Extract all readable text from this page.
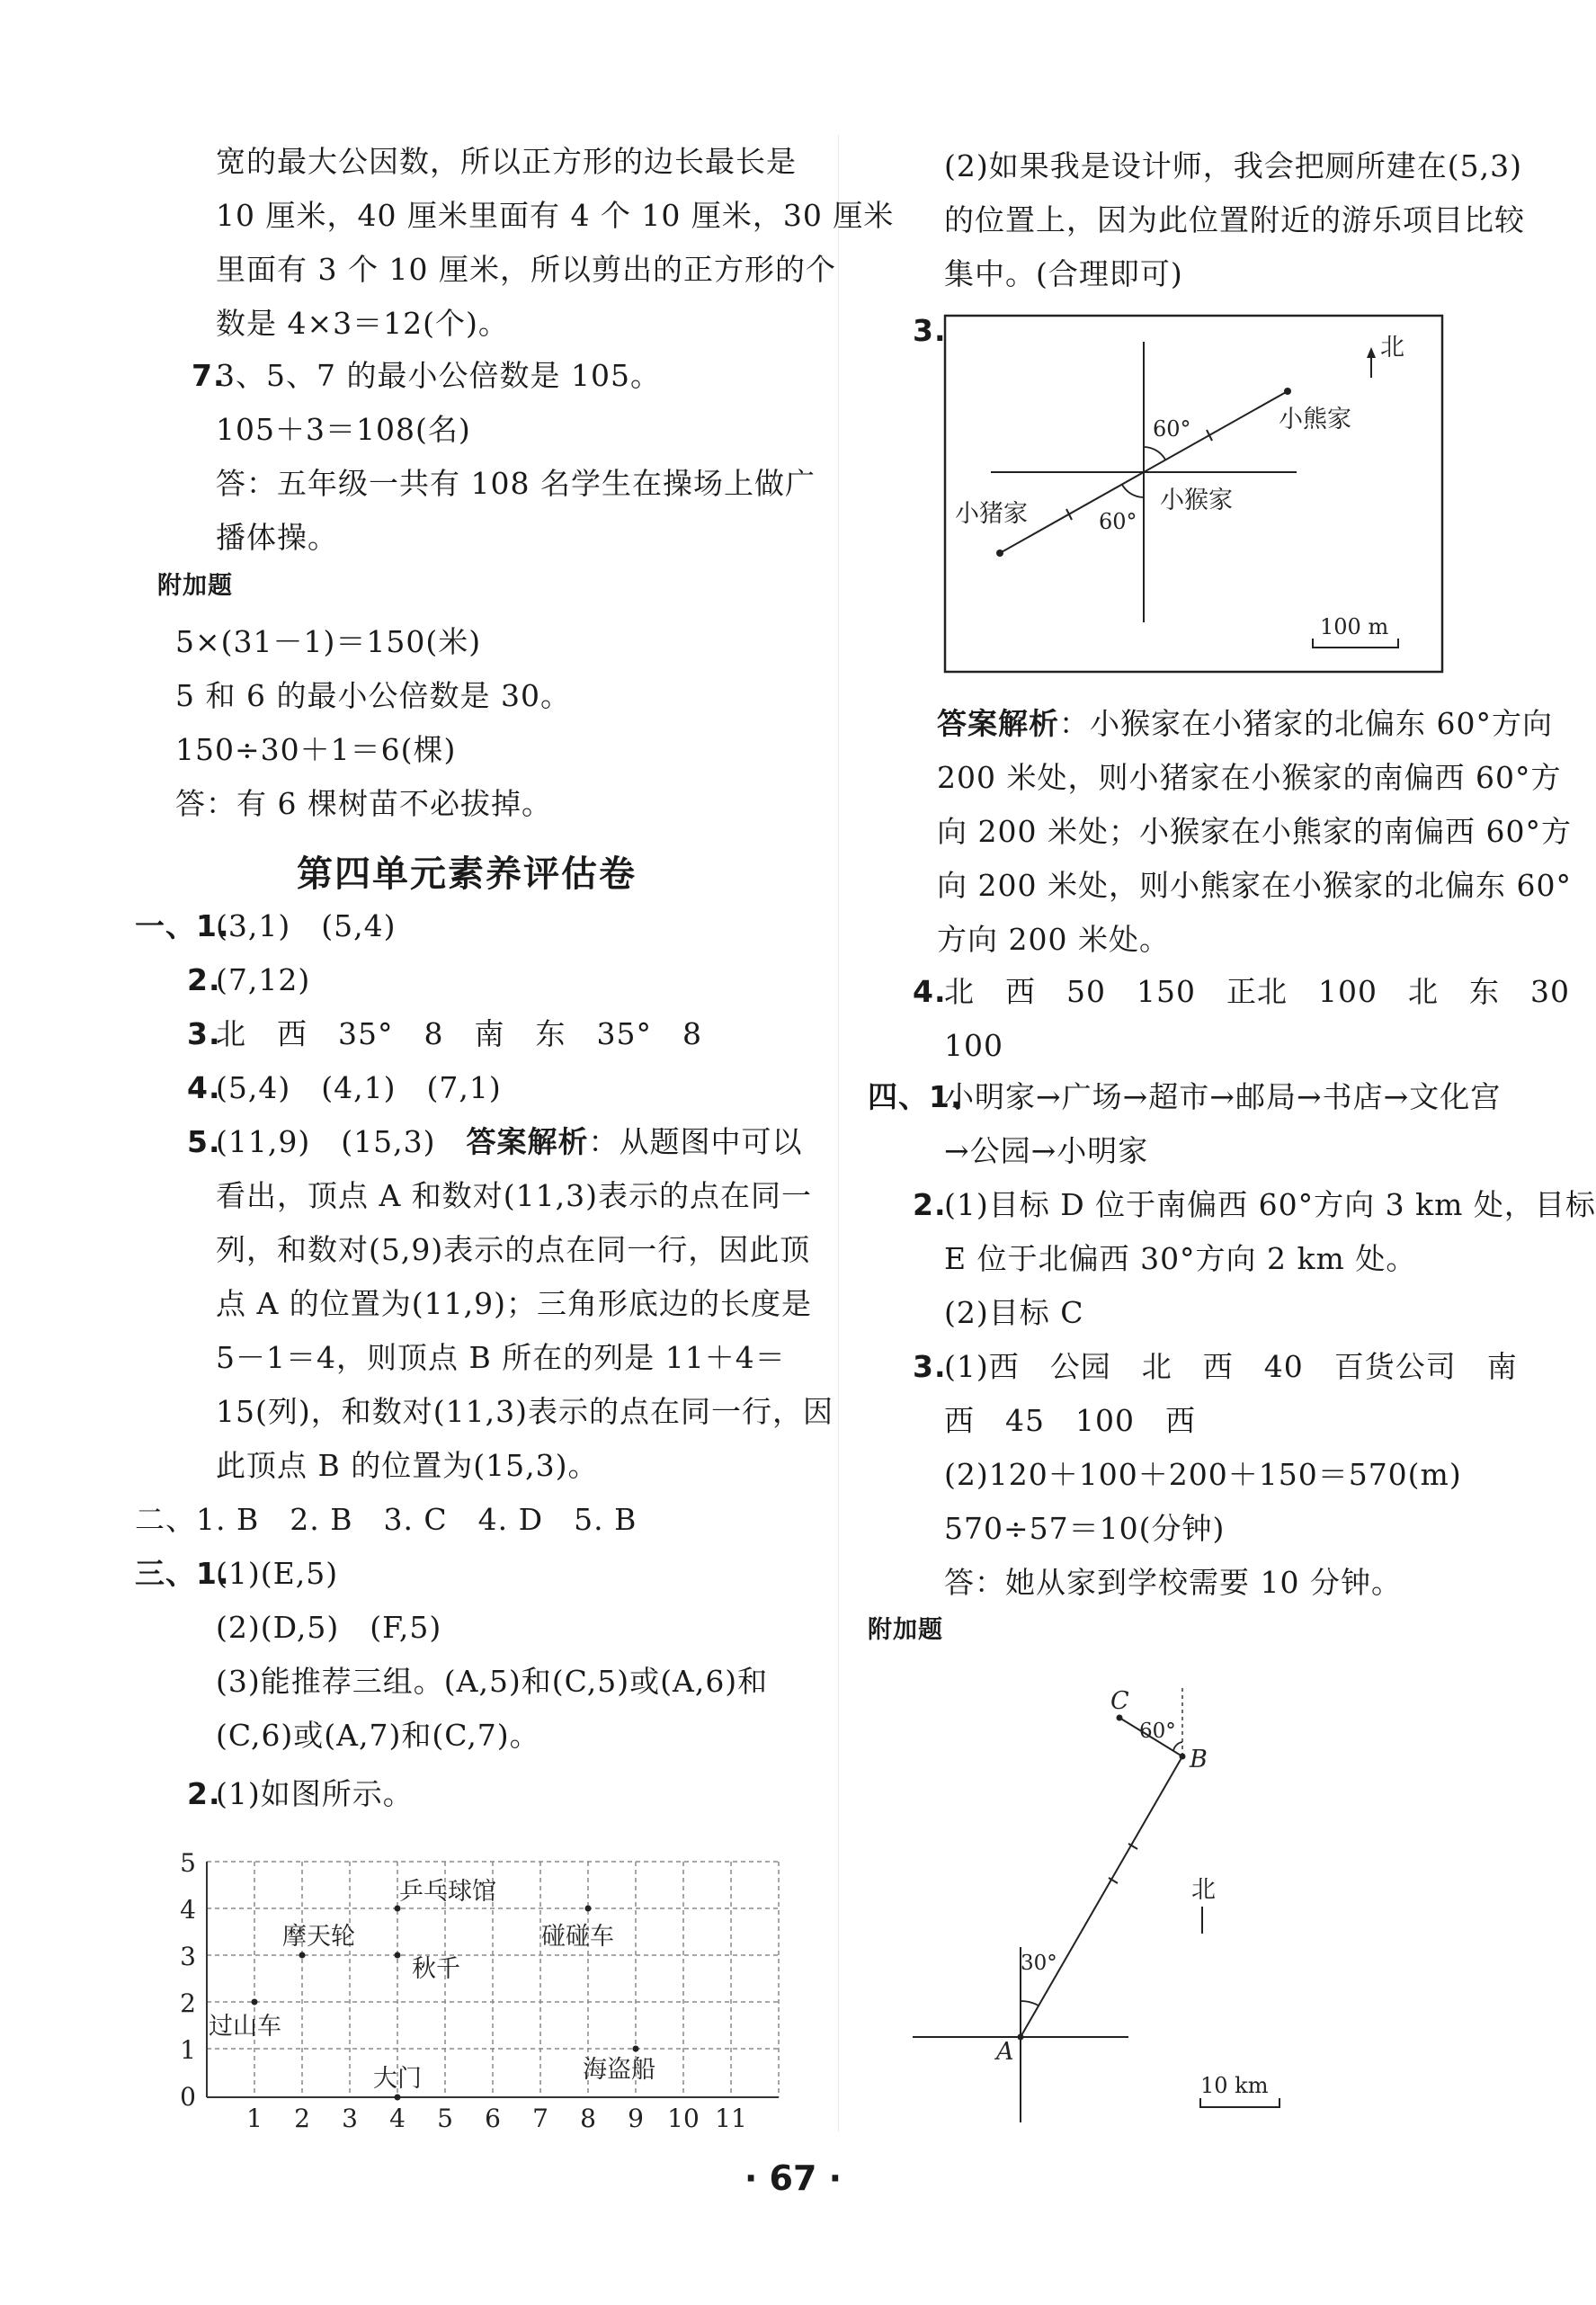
宽的最大公因数，所以正方形的边长最长是
10 厘米，40 厘米里面有 4 个 10 厘米，30 厘米
里面有 3 个 10 厘米，所以剪出的正方形的个
数是 4×3＝12(个)。
7.
3、5、7 的最小公倍数是 105。
105＋3＝108(名)
答：五年级一共有 108 名学生在操场上做广
播体操。
附加题
5×(31－1)＝150(米)
5 和 6 的最小公倍数是 30。
150÷30＋1＝6(棵)
答：有 6 棵树苗不必拔掉。
第四单元素养评估卷
一、1.
(3,1)　(5,4)
2.
(7,12)
3.
北　西　35°　8　南　东　35°　8
4.
(5,4)　(4,1)　(7,1)
5.
(11,9)　(15,3)　答案解析：从题图中可以
看出，顶点 A 和数对(11,3)表示的点在同一
列，和数对(5,9)表示的点在同一行，因此顶
点 A 的位置为(11,9)；三角形底边的长度是
5－1＝4，则顶点 B 所在的列是 11＋4＝
15(列)，和数对(11,3)表示的点在同一行，因
此顶点 B 的位置为(15,3)。
二、1. B　2. B　3. C　4. D　5. B
三、1.
(1)(E,5)
(2)(D,5)　(F,5)
(3)能推荐三组。(A,5)和(C,5)或(A,6)和
(C,6)或(A,7)和(C,7)。
2.
(1)如图所示。
1 2 3 4 5 6 7 8 9 10 11
0
1
2
3
4
5
乒乓球馆
摩天轮
秋千
碰碰车
过山车
大门	海盗船
(2)如果我是设计师，我会把厕所建在(5,3)
的位置上，因为此位置附近的游乐项目比较
集中。(合理即可)
3.	北
60°
60°
小熊家
小猴家
小猪家
100 m
答案解析：小猴家在小猪家的北偏东 60°方向
200 米处，则小猪家在小猴家的南偏西 60°方
向 200 米处；小猴家在小熊家的南偏西 60°方
向 200 米处，则小熊家在小猴家的北偏东 60°
方向 200 米处。
4.
北　西　50　150　正北　100　北　东　30
100
四、1.
小明家→广场→超市→邮局→书店→文化宫
→公园→小明家
2.
(1)目标 D 位于南偏西 60°方向 3 km 处，目标
E 位于北偏西 30°方向 2 km 处。
(2)目标 C
3.
(1)西　公园　北　西　40　百货公司　南
西　45　100　西
(2)120＋100＋200＋150＝570(m)
570÷57＝10(分钟)
答：她从家到学校需要 10 分钟。
附加题
C
B
A
60°
30°
北
10 km
· 67 ·
